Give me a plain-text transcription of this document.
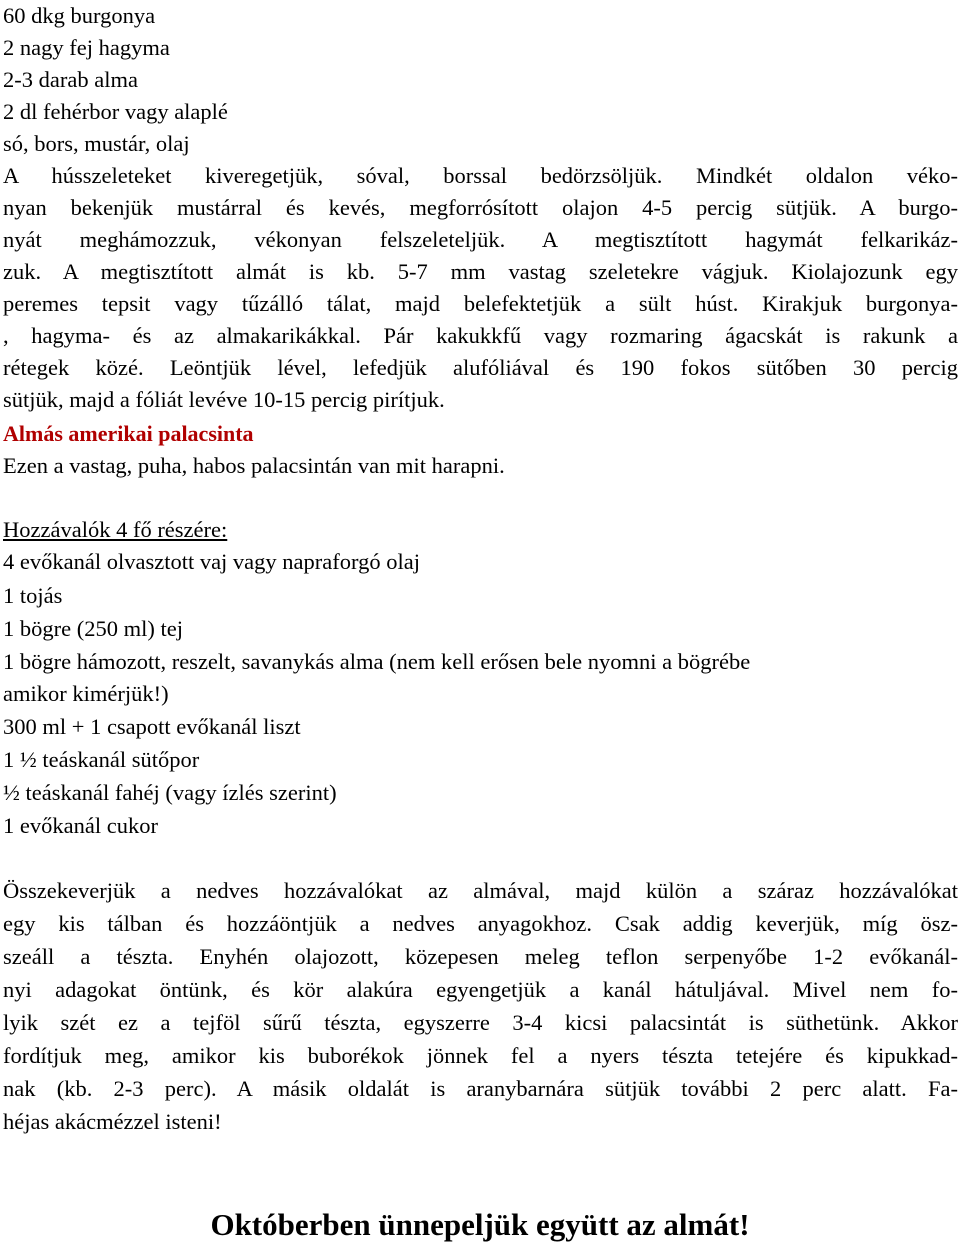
60 dkg burgonya
2 nagy fej hagyma
2-3 darab alma
2 dl fehérbor vagy alaplé
só, bors, mustár, olaj
A hússzeleteket kiveregetjük, sóval, borssal bedörzsöljük. Mindkét oldalon véko-
nyan bekenjük mustárral és kevés, megforrósított olajon 4-5 percig sütjük. A burgo-
nyát meghámozzuk, vékonyan felszeleteljük. A megtisztított hagymát felkarikáz-
zuk. A megtisztított almát is kb. 5-7 mm vastag szeletekre vágjuk. Kiolajozunk egy
peremes tepsit vagy tűzálló tálat, majd belefektetjük a sült húst. Kirakjuk burgonya-
, hagyma- és az almakarikákkal. Pár kakukkfű vagy rozmaring ágacskát is rakunk a
rétegek közé. Leöntjük lével, lefedjük alufóliával és 190 fokos sütőben 30 percig
sütjük, majd a fóliát levéve 10-15 percig pirítjuk.
Almás amerikai palacsinta
Ezen a vastag, puha, habos palacsintán van mit harapni.
Hozzávalók 4 fő részére:
4 evőkanál olvasztott vaj vagy napraforgó olaj
1 tojás
1 bögre (250 ml) tej
1 bögre hámozott, reszelt, savanykás alma (nem kell erősen bele nyomni a bögrébe
amikor kimérjük!)
300 ml + 1 csapott evőkanál liszt
1 ½ teáskanál sütőpor
½ teáskanál fahéj (vagy ízlés szerint)
1 evőkanál cukor
Összekeverjük a nedves hozzávalókat az almával, majd külön a száraz hozzávalókat
egy kis tálban és hozzáöntjük a nedves anyagokhoz. Csak addig keverjük, míg ösz-
szeáll a tészta. Enyhén olajozott, közepesen meleg teflon serpenyőbe 1-2 evőkanál-
nyi adagokat öntünk, és kör alakúra egyengetjük a kanál hátuljával. Mivel nem fo-
lyik szét ez a tejföl sűrű tészta, egyszerre 3-4 kicsi palacsintát is süthetünk. Akkor
fordítjuk meg, amikor kis buborékok jönnek fel a nyers tészta tetejére és kipukkad-
nak (kb. 2-3 perc). A másik oldalát is aranybarnára sütjük további 2 perc alatt. Fa-
héjas akácmézzel isteni!
Októberben ünnepeljük együtt az almát!
